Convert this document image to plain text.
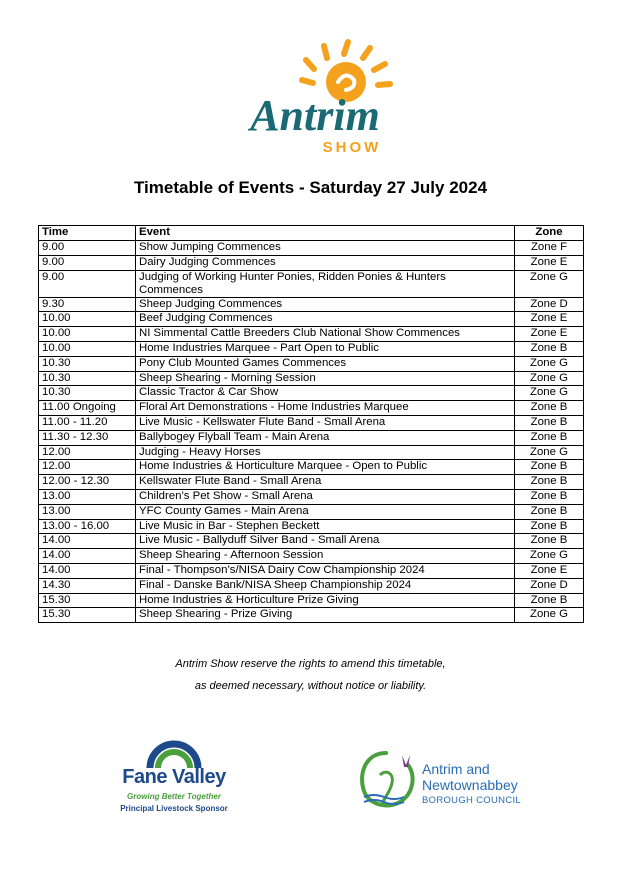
Antrim
SHOW
Timetable of Events - Saturday 27 July 2024
Time	Event	Zone
9.00	Show Jumping Commences	Zone F
9.00	Dairy Judging Commences	Zone E
9.00	Judging of Working Hunter Ponies, Ridden Ponies & Hunters Commences	Zone G
9.30	Sheep Judging Commences	Zone D
10.00	Beef Judging Commences	Zone E
10.00	NI Simmental Cattle Breeders Club National Show Commences	Zone E
10.00	Home Industries Marquee - Part Open to Public	Zone B
10.30	Pony Club Mounted Games Commences	Zone G
10.30	Sheep Shearing - Morning Session	Zone G
10.30	Classic Tractor & Car Show	Zone G
11.00 Ongoing	Floral Art Demonstrations - Home Industries Marquee	Zone B
11.00 - 11.20	Live Music - Kellswater Flute Band - Small Arena	Zone B
11.30 - 12.30	Ballybogey Flyball Team - Main Arena	Zone B
12.00	Judging - Heavy Horses	Zone G
12.00	Home Industries & Horticulture Marquee - Open to Public	Zone B
12.00 - 12.30	Kellswater Flute Band - Small Arena	Zone B
13.00	Children’s Pet Show - Small Arena	Zone B
13.00	YFC County Games - Main Arena	Zone B
13.00 - 16.00	Live Music in Bar - Stephen Beckett	Zone B
14.00	Live Music - Ballyduff Silver Band - Small Arena	Zone B
14.00	Sheep Shearing - Afternoon Session	Zone G
14.00	Final - Thompson’s/NISA Dairy Cow Championship 2024	Zone E
14.30	Final - Danske Bank/NISA Sheep Championship 2024	Zone D
15.30	Home Industries & Horticulture Prize Giving	Zone B
15.30	Sheep Shearing - Prize Giving	Zone G
Antrim Show reserve the rights to amend this timetable,
as deemed necessary, without notice or liability.
Fane Valley
Growing Better Together
Principal Livestock Sponsor
Antrim and
Newtownabbey
BOROUGH COUNCIL
